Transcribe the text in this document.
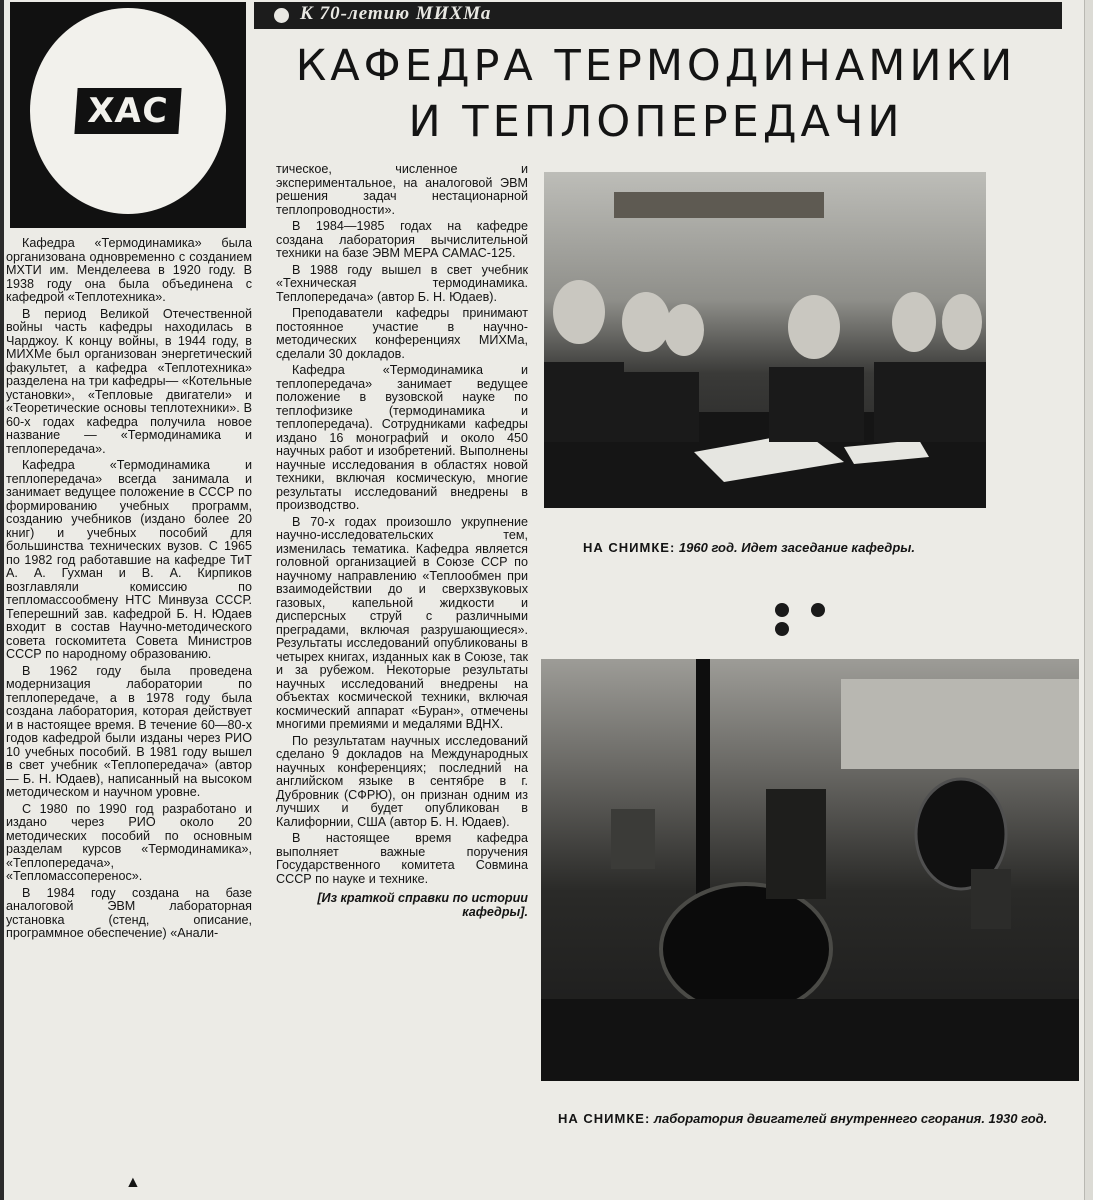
ХАС
К 70-летию МИХМа
КАФЕДРА ТЕРМОДИНАМИКИ
И ТЕПЛОПЕРЕДАЧИ

Кафедра «Термодинамика» была организована одновременно с созданием МХТИ им. Менделеева в 1920 году. В 1938 году она была объединена с кафедрой «Теплотехника».

В период Великой Отечественной войны часть кафедры находилась в Чарджоу. К концу войны, в 1944 году, в МИХМе был организован энергетический факультет, а кафедра «Теплотехника» разделена на три кафедры— «Котельные установки», «Тепловые двигатели» и «Теоретические основы теплотехники». В 60-х годах кафедра получила новое название — «Термодинамика и теплопередача».

Кафедра «Термодинамика и теплопередача» всегда занимала и занимает ведущее положение в СССР по формированию учебных программ, созданию учебников (издано более 20 книг) и учебных пособий для большинства технических вузов. С 1965 по 1982 год работавшие на кафедре ТиТ А. А. Гухман и В. А. Кирпиков возглавляли комиссию по тепломассообмену НТС Минвуза СССР. Теперешний зав. кафедрой Б. Н. Юдаев входит в состав Научно-методического совета госкомитета Совета Министров СССР по народному образованию.

В 1962 году была проведена модернизация лаборатории по теплопередаче, а в 1978 году была создана лаборатория, которая действует и в настоящее время. В течение 60—80-х годов кафедрой были изданы через РИО 10 учебных пособий. В 1981 году вышел в свет учебник «Теплопередача» (автор — Б. Н. Юдаев), написанный на высоком методическом и научном уровне.

С 1980 по 1990 год разработано и издано через РИО около 20 методических пособий по основным разделам курсов «Термодинамика», «Теплопередача», «Тепломассоперенос».

В 1984 году создана на базе аналоговой ЭВМ лабораторная установка (стенд, описание, программное обеспечение) «Анали-

тическое, численное и экспериментальное, на аналоговой ЭВМ решения задач нестационарной теплопроводности».

В 1984—1985 годах на кафедре создана лаборатория вычислительной техники на базе ЭВМ МЕРА САМАС-125.

В 1988 году вышел в свет учебник «Техническая термодинамика. Теплопередача» (автор Б. Н. Юдаев).

Преподаватели кафедры принимают постоянное участие в научно-методических конференциях МИХМа, сделали 30 докладов.

Кафедра «Термодинамика и теплопередача» занимает ведущее положение в вузовской науке по теплофизике (термодинамика и теплопередача). Сотрудниками кафедры издано 16 монографий и около 450 научных работ и изобретений. Выполнены научные исследования в областях новой техники, включая космическую, многие результаты исследований внедрены в производство.

В 70-х годах произошло укрупнение научно-исследовательских тем, изменилась тематика. Кафедра является головной организацией в Союзе ССР по научному направлению «Теплообмен при взаимодействии до и сверхзвуковых газовых, капельной жидкости и дисперсных струй с различными преградами, включая разрушающиеся». Результаты исследований опубликованы в четырех книгах, изданных как в Союзе, так и за рубежом. Некоторые результаты научных исследований внедрены на объектах космической техники, включая космический аппарат «Буран», отмечены многими премиями и медалями ВДНХ.

По результатам научных исследований сделано 9 докладов на Международных научных конференциях; последний на английском языке в сентябре в г. Дубровник (СФРЮ), он признан одним из лучших и будет опубликован в Калифорнии, США (автор Б. Н. Юдаев).

В настоящее время кафедра выполняет важные поручения Государственного комитета Совмина СССР по науке и технике.

[Из краткой справки по истории кафедры].

НА СНИМКЕ: 1960 год. Идет заседание кафедры.
НА СНИМКЕ: лаборатория двигателей внутреннего сгорания. 1930 год.
▲
